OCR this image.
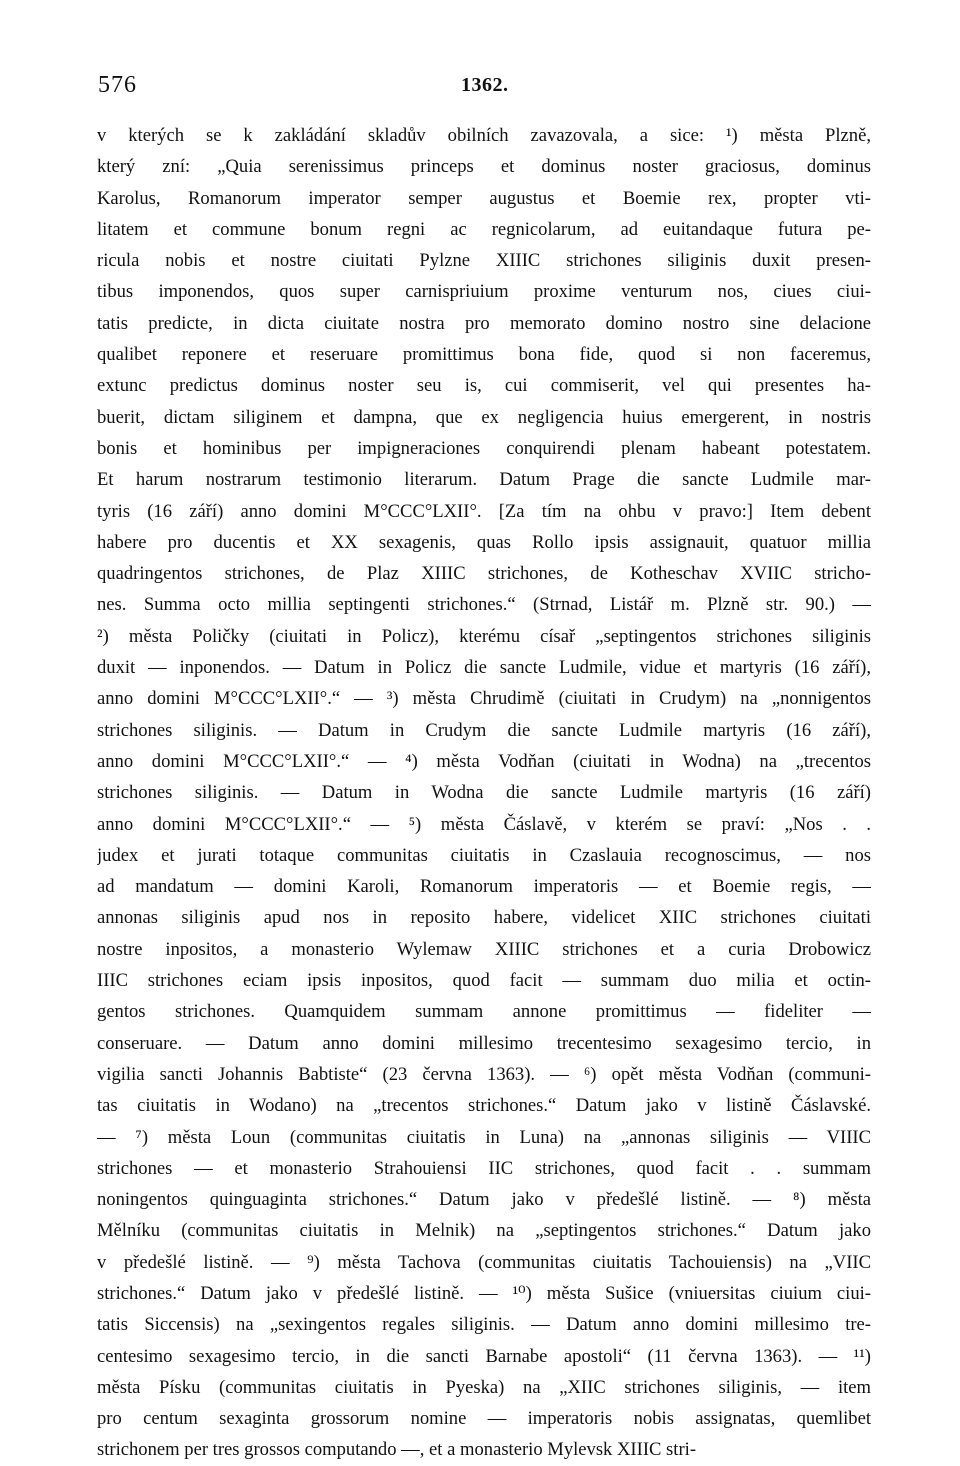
576	1362.
v kterých se k zakládání skladův obilních zavazovala, a sice: ¹) města Plzně,
který zní: „Quia serenissimus princeps et dominus noster graciosus, dominus
Karolus, Romanorum imperator semper augustus et Boemie rex, propter vti-
litatem et commune bonum regni ac regnicolarum, ad euitandaque futura pe-
ricula nobis et nostre ciuitati Pylzne XIIIC strichones siliginis duxit presen-
tibus imponendos, quos super carnispriuium proxime venturum nos, ciues ciui-
tatis predicte, in dicta ciuitate nostra pro memorato domino nostro sine delacione
qualibet reponere et reseruare promittimus bona fide, quod si non faceremus,
extunc predictus dominus noster seu is, cui commiserit, vel qui presentes ha-
buerit, dictam siliginem et dampna, que ex negligencia huius emergerent, in nostris
bonis et hominibus per impigneraciones conquirendi plenam habeant potestatem.
Et harum nostrarum testimonio literarum. Datum Prage die sancte Ludmile mar-
tyris (16 září) anno domini M°CCC°LXII°. [Za tím na ohbu v pravo:] Item debent
habere pro ducentis et XX sexagenis, quas Rollo ipsis assignauit, quatuor millia
quadringentos strichones, de Plaz XIIIC strichones, de Kotheschav XVIIC stricho-
nes. Summa octo millia septingenti strichones.“ (Strnad, Listář m. Plzně str. 90.) —
²) města Poličky (ciuitati in Policz), kterému císař „septingentos strichones siliginis
duxit — inponendos. — Datum in Policz die sancte Ludmile, vidue et martyris (16 září),
anno domini M°CCC°LXII°.“ — ³) města Chrudimě (ciuitati in Crudym) na „nonnigentos
strichones siliginis. — Datum in Crudym die sancte Ludmile martyris (16 září),
anno domini M°CCC°LXII°.“ — ⁴) města Vodňan (ciuitati in Wodna) na „trecentos
strichones siliginis. — Datum in Wodna die sancte Ludmile martyris (16 září)
anno domini M°CCC°LXII°.“ — ⁵) města Čáslavě, v kterém se praví: „Nos . .
judex et jurati totaque communitas ciuitatis in Czaslauia recognoscimus, — nos
ad mandatum — domini Karoli, Romanorum imperatoris — et Boemie regis, —
annonas siliginis apud nos in reposito habere, videlicet XIIC strichones ciuitati
nostre inpositos, a monasterio Wylemaw XIIIC strichones et a curia Drobowicz
IIIC strichones eciam ipsis inpositos, quod facit — summam duo milia et octin-
gentos strichones. Quamquidem summam annone promittimus — fideliter —
conseruare. — Datum anno domini millesimo trecentesimo sexagesimo tercio, in
vigilia sancti Johannis Babtiste“ (23 června 1363). — ⁶) opět města Vodňan (communi-
tas ciuitatis in Wodano) na „trecentos strichones.“ Datum jako v listině Čáslavské.
— ⁷) města Loun (communitas ciuitatis in Luna) na „annonas siliginis — VIIIC
strichones — et monasterio Strahouiensi IIC strichones, quod facit . . summam
noningentos quinguaginta strichones.“ Datum jako v předešlé listině. — ⁸) města
Mělníku (communitas ciuitatis in Melnik) na „septingentos strichones.“ Datum jako
v předešlé listině. — ⁹) města Tachova (communitas ciuitatis Tachouiensis) na „VIIC
strichones.“ Datum jako v předešlé listině. — ¹⁰) města Sušice (vniuersitas ciuium ciui-
tatis Siccensis) na „sexingentos regales siliginis. — Datum anno domini millesimo tre-
centesimo sexagesimo tercio, in die sancti Barnabe apostoli“ (11 června 1363). — ¹¹)
města Písku (communitas ciuitatis in Pyeska) na „XIIC strichones siliginis, — item
pro centum sexaginta grossorum nomine — imperatoris nobis assignatas, quemlibet
strichonem per tres grossos computando —, et a monasterio Mylevsk XIIIC stri-
